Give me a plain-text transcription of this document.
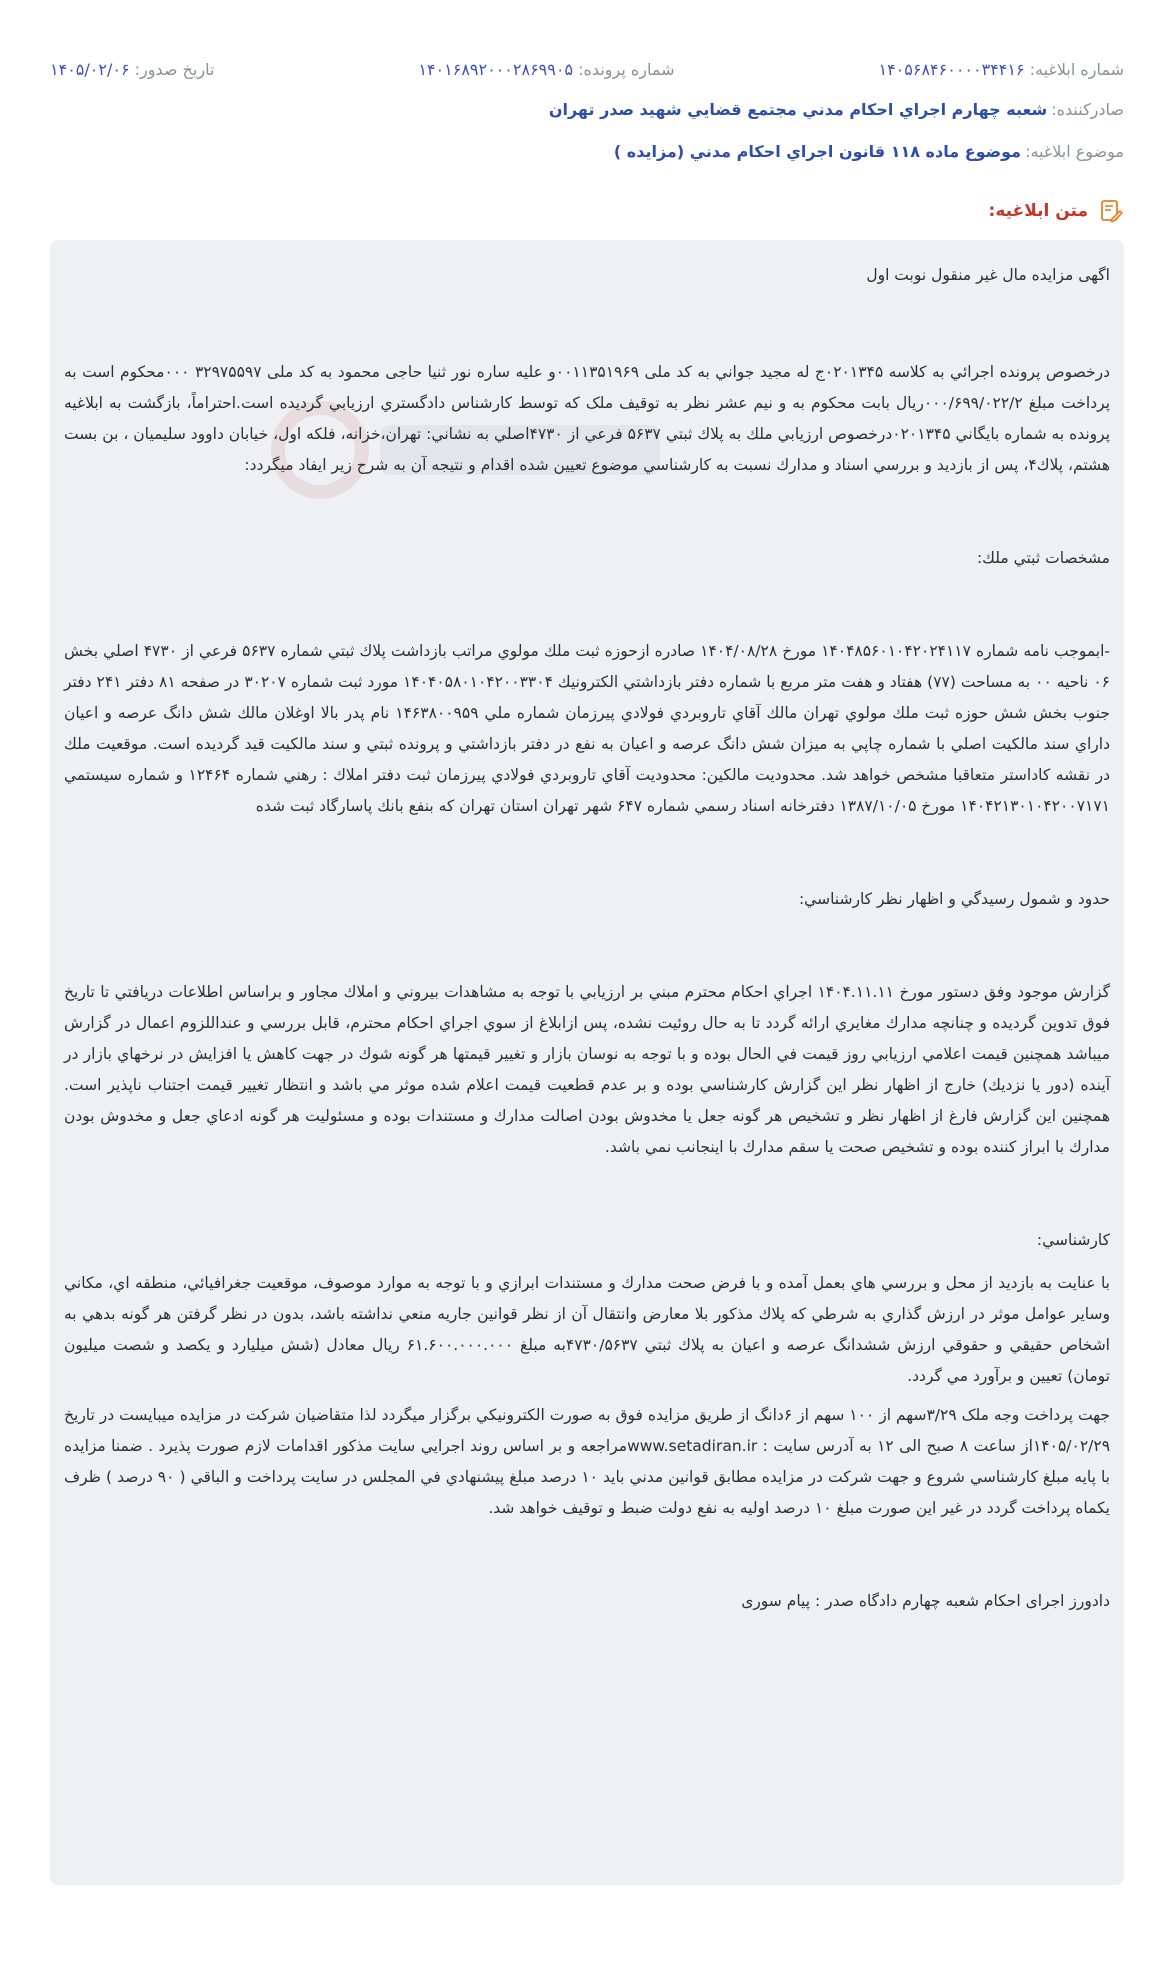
شماره ابلاغيه: ۱۴۰۵۶۸۴۶۰۰۰۰۳۴۴۱۶
شماره پرونده: ۱۴۰۱۶۸۹۲۰۰۰۲۸۶۹۹۰۵
تاريخ صدور: ۱۴۰۵/۰۲/۰۶
صادرکننده:
شعبه چهارم اجراي احکام مدني مجتمع قضايي شهيد صدر تهران
موضوع ابلاغيه:
موضوع ماده ۱۱۸ قانون اجراي احکام مدني (مزايده )
متن ابلاغيه:

اگهی مزایده مال غیر منقول نوبت اول

درخصوص پرونده اجرائي به كلاسه ۰۲۰۱۳۴۵ج له مجيد جواني به کد ملی ۰۰۱۱۳۵۱۹۶۹و علیه ساره نور ثنیا حاجی محمود به کد ملی ۳۲۹۷۵۵۹۷ ۰۰۰محکوم است به پرداخت مبلغ ۰۰۰/۶۹۹/۰۲۲/۲ریال بابت محکوم به و نیم عشر نظر به توقيف ملک که توسط كارشناس دادگستري ارزيابي گرديده است.احتراماً، بازگشت به ابلاغيه پرونده به شماره بايگاني ۰۲۰۱۳۴۵درخصوص ارزيابي ملك به پلاك ثبتي ۵۶۳۷ فرعي از ۴۷۳۰اصلي به نشاني: تهران،خزانه، فلكه اول، خيابان داوود سليميان ، بن بست هشتم، پلاك۴، پس از بازديد و بررسي اسناد و مدارك نسبت به كارشناسي موضوع تعيين شده اقدام و نتيجه آن به شرح زير ايفاد ميگردد:

مشخصات ثبتي ملك:

-ابموجب نامه شماره ۱۴۰۴۸۵۶۰۱۰۴۲۰۲۴۱۱۷ مورخ ۱۴۰۴/۰۸/۲۸ صادره ازحوزه ثبت ملك مولوي مراتب بازداشت پلاك ثبتي شماره ۵۶۳۷ فرعي از ۴۷۳۰ اصلي بخش ۰۶ ناحيه ۰۰ به مساحت (۷۷) هفتاد و هفت متر مربع با شماره دفتر بازداشتي الكترونيك ۱۴۰۴۰۵۸۰۱۰۴۲۰۰۳۳۰۴ مورد ثبت شماره ۳۰۲۰۷ در صفحه ۸۱ دفتر ۲۴۱ دفتر جنوب بخش شش حوزه ثبت ملك مولوي تهران مالك آقاي تاروبردي فولادي پيرزمان شماره ملي ۱۴۶۳۸۰۰۹۵۹ نام پدر بالا اوغلان مالك شش دانگ عرصه و اعيان داراي سند مالكيت اصلي با شماره چاپي به ميزان شش دانگ عرصه و اعيان به نفع در دفتر بازداشتي و پرونده ثبتي و سند مالكيت قيد گرديده است. موقعيت ملك در نقشه كاداستر متعاقبا مشخص خواهد شد. محدوديت مالكين: محدوديت آقاي تاروبردي فولادي پيرزمان ثبت دفتر املاك : رهني شماره ۱۲۴۶۴ و شماره سيستمي ۱۴۰۴۲۱۳۰۱۰۴۲۰۰۷۱۷۱ مورخ ۱۳۸۷/۱۰/۰۵ دفترخانه اسناد رسمي شماره ۶۴۷ شهر تهران استان تهران كه بنفع بانك پاسارگاد ثبت شده

حدود و شمول رسيدگي و اظهار نظر كارشناسي:

گزارش موجود وفق دستور مورخ ۱۴۰۴.۱۱.۱۱ اجراي احكام محترم مبني بر ارزيابي با توجه به مشاهدات بيروني و املاك مجاور و براساس اطلاعات دريافتي تا تاريخ فوق تدوين گرديده و چنانچه مدارك مغايري ارائه گردد تا به حال روئيت نشده، پس ازابلاغ از سوي اجراي احكام محترم، قابل بررسي و عنداللزوم اعمال در گزارش ميباشد همچنين قيمت اعلامي ارزيابي روز قيمت في الحال بوده و با توجه به نوسان بازار و تغيير قيمتها هر گونه شوك در جهت كاهش يا افزايش در نرخهاي بازار در آينده (دور يا نزديك) خارج از اظهار نظر اين گزارش كارشناسي بوده و بر عدم قطعيت قيمت اعلام شده موثر مي باشد و انتظار تغيير قيمت اجتناب ناپذير است. همچنين اين گزارش فارغ از اظهار نظر و تشخيص هر گونه جعل يا مخدوش بودن اصالت مدارك و مستندات بوده و مسئوليت هر گونه ادعاي جعل و مخدوش بودن مدارك با ابراز كننده بوده و تشخيص صحت يا سقم مدارك با اينجانب نمي باشد.

كارشناسي:

با عنايت به بازديد از محل و بررسي هاي بعمل آمده و با فرض صحت مدارك و مستندات ابرازي و با توجه به موارد موصوف، موقعيت جغرافيائي، منطقه اي، مكاني وساير عوامل موثر در ارزش گذاري به شرطي كه پلاك مذكور بلا معارض وانتقال آن از نظر قوانين جاريه منعي نداشته باشد، بدون در نظر گرفتن هر گونه بدهي به اشخاص حقيقي و حقوقي ارزش ششدانگ عرصه و اعيان به پلاك ثبتي ۴۷۳۰/۵۶۳۷به مبلغ ۶۱.۶۰۰.۰۰۰.۰۰۰ ريال معادل (شش ميليارد و يكصد و شصت ميليون تومان) تعيين و برآورد مي گردد.

جهت پرداخت وجه ملک ۳/۲۹سهم از ۱۰۰ سهم از ۶دانگ از طریق مزایده فوق به صورت الكترونيكي برگزار ميگردد لذا متقاضيان شركت در مزايده ميبايست در تاريخ ۱۴۰۵/۰۲/۲۹از ساعت ۸ صبح الی ۱۲ به آدرس سايت : www.setadiran.irمراجعه و بر اساس روند اجرايي سايت مذكور اقدامات لازم صورت پذيرد . ضمنا مزايده با پايه مبلغ كارشناسي شروع و جهت شركت در مزايده مطابق قوانين مدني بايد ۱۰ درصد مبلغ پيشنهادي في المجلس در سايت پرداخت و الباقي ( ۹۰ درصد ) ظرف يكماه پرداخت گردد در غير اين صورت مبلغ ۱۰ درصد اوليه به نفع دولت ضبط و توقيف خواهد شد.

دادورز اجرای احکام شعبه چهارم دادگاه صدر : پیام سوری
